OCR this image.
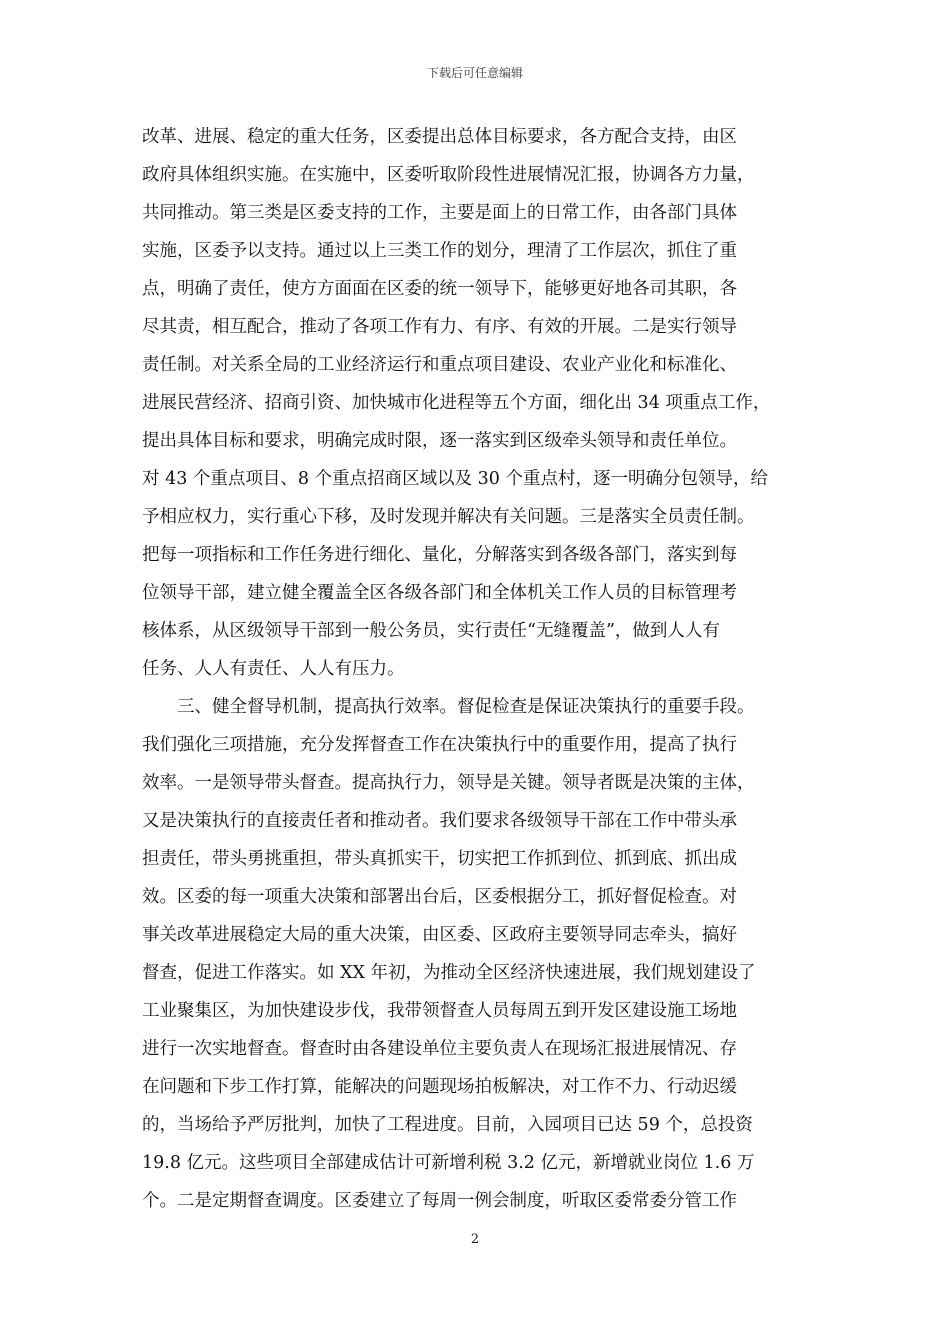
下载后可任意编辑
改革、进展、稳定的重大任务，区委提出总体目标要求，各方配合支持，由区
政府具体组织实施。在实施中，区委听取阶段性进展情况汇报，协调各方力量，
共同推动。第三类是区委支持的工作，主要是面上的日常工作，由各部门具体
实施，区委予以支持。通过以上三类工作的划分，理清了工作层次，抓住了重
点，明确了责任，使方方面面在区委的统一领导下，能够更好地各司其职，各
尽其责，相互配合，推动了各项工作有力、有序、有效的开展。二是实行领导
责任制。对关系全局的工业经济运行和重点项目建设、农业产业化和标准化、
进展民营经济、招商引资、加快城市化进程等五个方面，细化出 34 项重点工作，
提出具体目标和要求，明确完成时限，逐一落实到区级牵头领导和责任单位。
对 43 个重点项目、8 个重点招商区域以及 30 个重点村，逐一明确分包领导，给
予相应权力，实行重心下移，及时发现并解决有关问题。三是落实全员责任制。
把每一项指标和工作任务进行细化、量化，分解落实到各级各部门，落实到每
位领导干部，建立健全覆盖全区各级各部门和全体机关工作人员的目标管理考
核体系，从区级领导干部到一般公务员，实行责任“无缝覆盖”，做到人人有
任务、人人有责任、人人有压力。
　　三、健全督导机制，提高执行效率。督促检查是保证决策执行的重要手段。
我们强化三项措施，充分发挥督查工作在决策执行中的重要作用，提高了执行
效率。一是领导带头督查。提高执行力，领导是关键。领导者既是决策的主体，
又是决策执行的直接责任者和推动者。我们要求各级领导干部在工作中带头承
担责任，带头勇挑重担，带头真抓实干，切实把工作抓到位、抓到底、抓出成
效。区委的每一项重大决策和部署出台后，区委根据分工，抓好督促检查。对
事关改革进展稳定大局的重大决策，由区委、区政府主要领导同志牵头，搞好
督查，促进工作落实。如 XX 年初，为推动全区经济快速进展，我们规划建设了
工业聚集区，为加快建设步伐，我带领督查人员每周五到开发区建设施工场地
进行一次实地督查。督查时由各建设单位主要负责人在现场汇报进展情况、存
在问题和下步工作打算，能解决的问题现场拍板解决，对工作不力、行动迟缓
的，当场给予严厉批判，加快了工程进度。目前，入园项目已达 59 个，总投资
19.8 亿元。这些项目全部建成估计可新增利税 3.2 亿元，新增就业岗位 1.6 万
个。二是定期督查调度。区委建立了每周一例会制度，听取区委常委分管工作
2
